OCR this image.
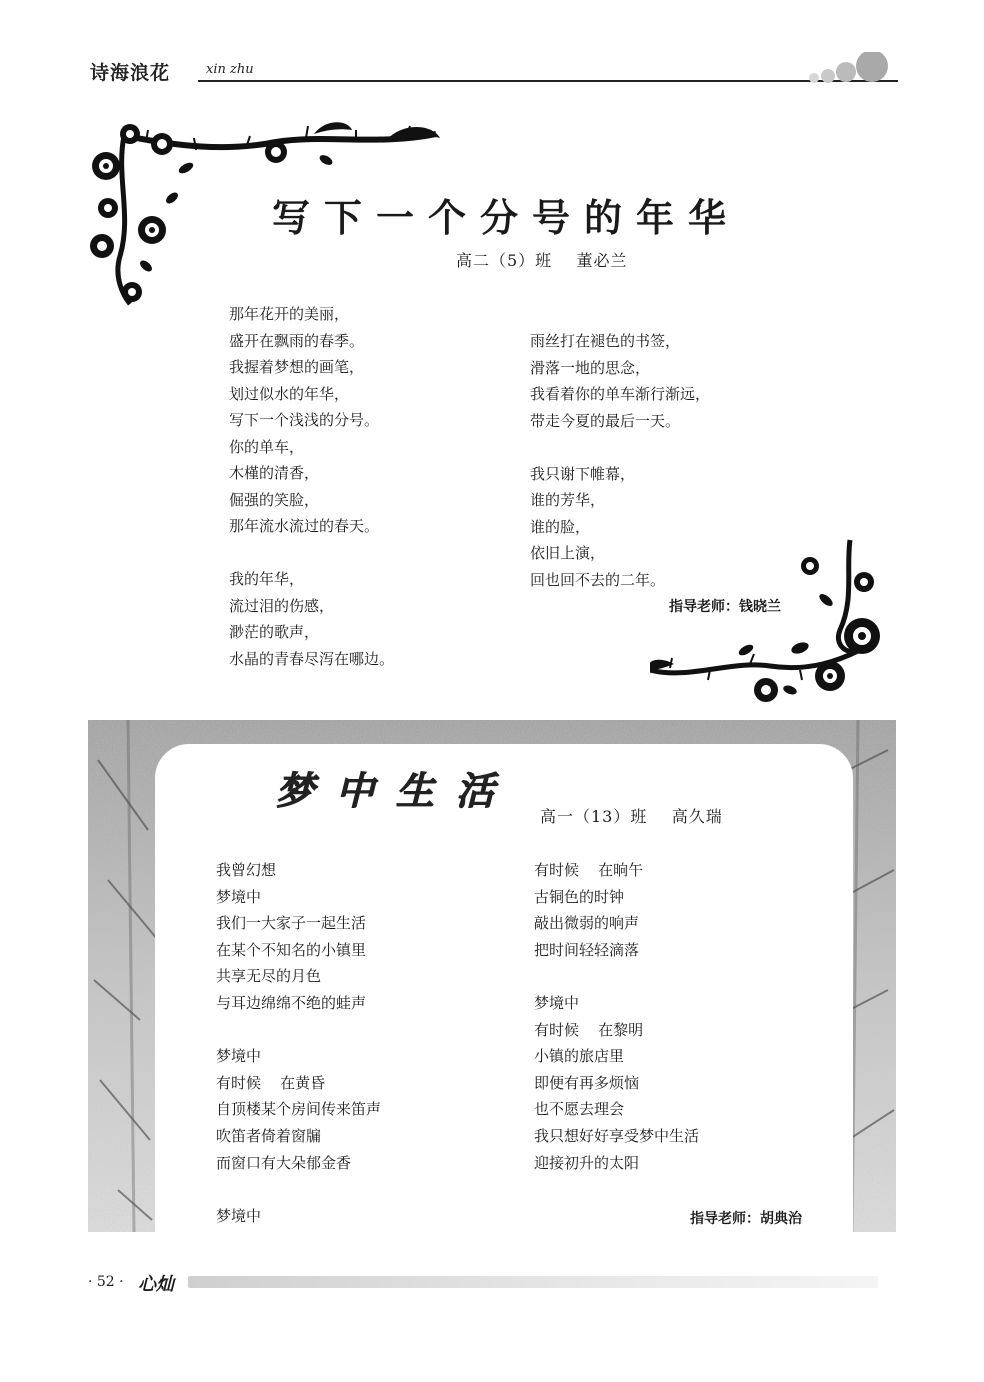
诗海浪花	xin zhu
写下一个分号的年华
高二（5）班    董必兰
那年花开的美丽，
盛开在飘雨的春季。
我握着梦想的画笔，
划过似水的年华，
写下一个浅浅的分号。
你的单车，
木槿的清香，
倔强的笑脸，
那年流水流过的春天。
我的年华，
流过泪的伤感，
渺茫的歌声，
水晶的青春尽泻在哪边。
雨丝打在褪色的书签，
滑落一地的思念，
我看着你的单车渐行渐远，
带走今夏的最后一天。
我只谢下帷幕，
谁的芳华，
谁的脸，
依旧上演，
回也回不去的二年。
指导老师：钱晓兰
梦中生活
高一（13）班    高久瑞
我曾幻想
梦境中
我们一大家子一起生活
在某个不知名的小镇里
共享无尽的月色
与耳边绵绵不绝的蛙声
梦境中
有时候    在黄昏
自顶楼某个房间传来笛声
吹笛者倚着窗牖
而窗口有大朵郁金香
梦境中
有时候    在晌午
古铜色的时钟
敲出微弱的响声
把时间轻轻滴落
梦境中
有时候    在黎明
小镇的旅店里
即便有再多烦恼
也不愿去理会
我只想好好享受梦中生活
迎接初升的太阳
指导老师：胡典治
· 52 · 心灿
